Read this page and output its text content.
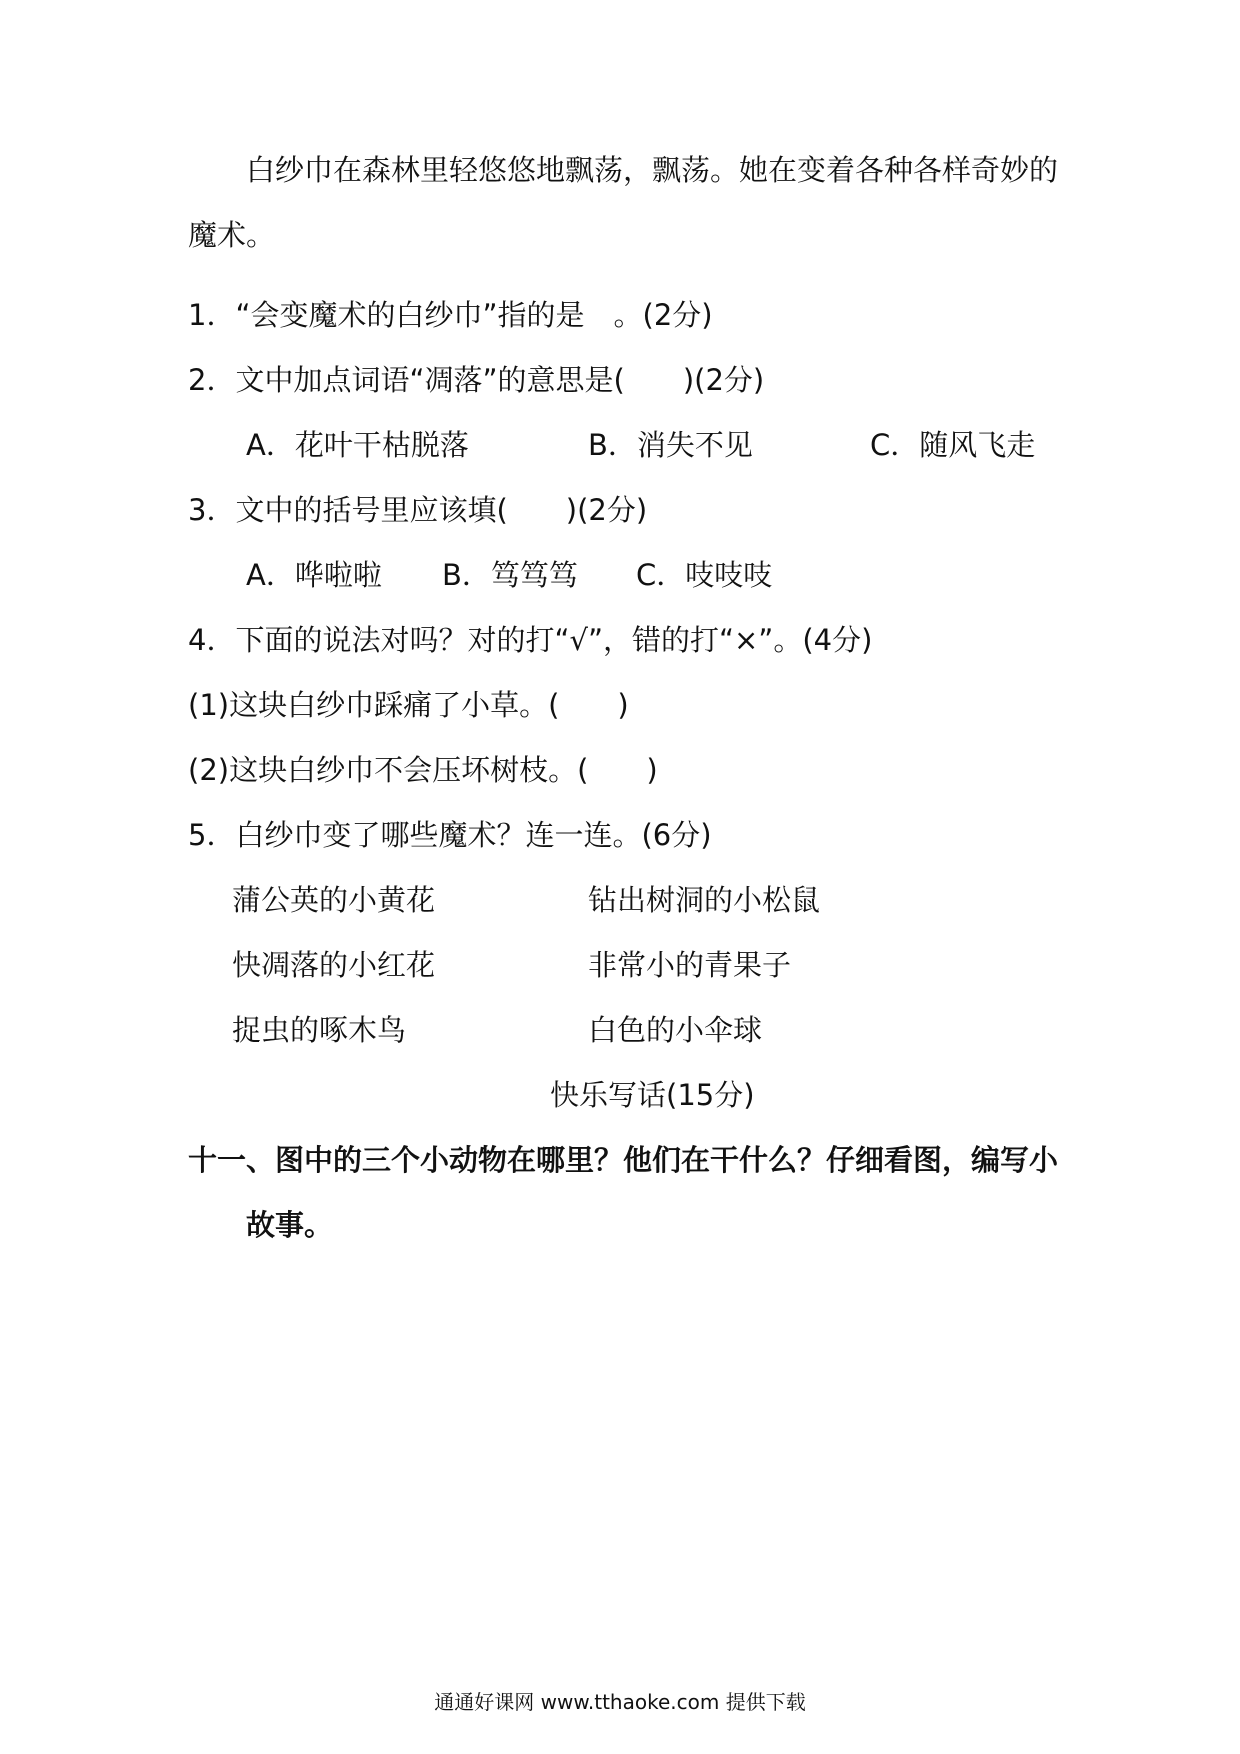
白纱巾在森林里轻悠悠地飘荡，飘荡。她在变着各种各样奇妙的
魔术。
1．“会变魔术的白纱巾”指的是　。(2分)
2．文中加点词语“凋落”的意思是(　　)(2分)
A．花叶干枯脱落	B．消失不见	C．随风飞走
3．文中的括号里应该填(　　)(2分)
A．哗啦啦 B．笃笃笃 C．吱吱吱
4．下面的说法对吗？对的打“√”，错的打“×”。(4分)
(1)这块白纱巾踩痛了小草。(　　)
(2)这块白纱巾不会压坏树枝。(　　)
5．白纱巾变了哪些魔术？连一连。(6分)
蒲公英的小黄花	钻出树洞的小松鼠
快凋落的小红花	非常小的青果子
捉虫的啄木鸟	白色的小伞球
快乐写话(15分)
十一、图中的三个小动物在哪里？他们在干什么？仔细看图，编写小
故事。
通通好课网 www.tthaoke.com 提供下载
